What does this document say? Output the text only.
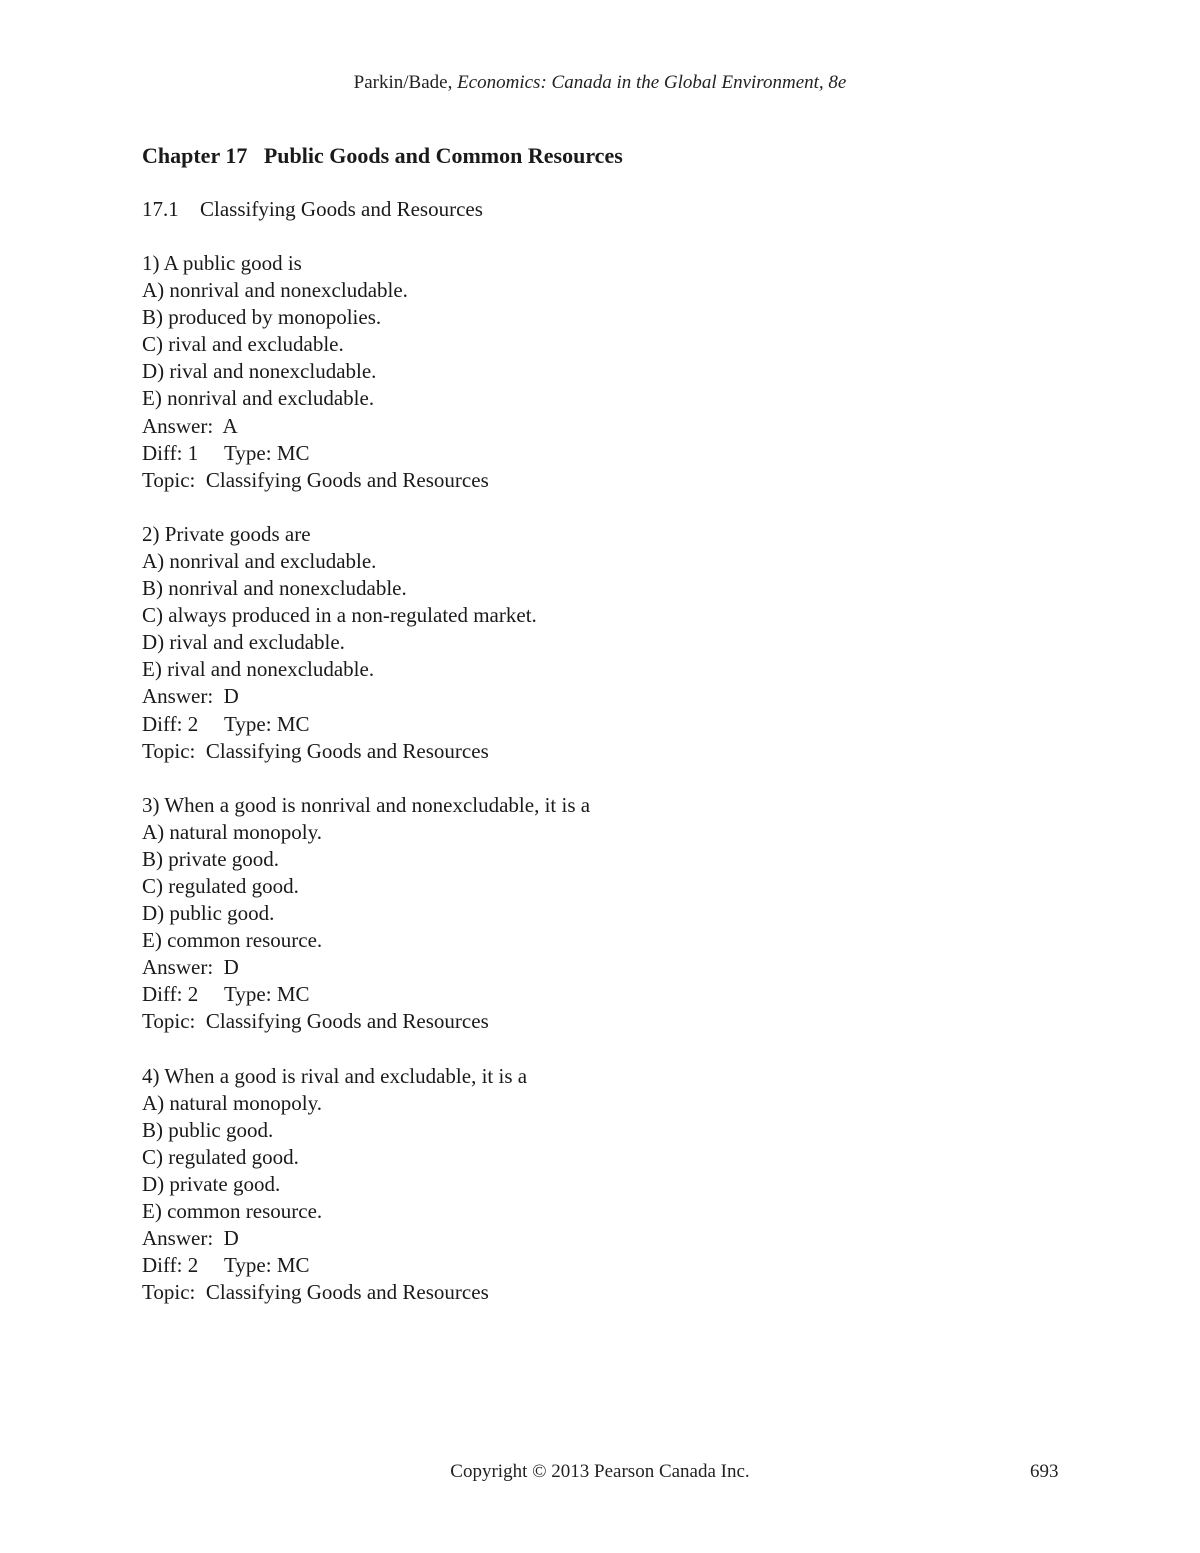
Parkin/Bade, Economics: Canada in the Global Environment, 8e
Chapter 17   Public Goods and Common Resources
17.1 Classifying Goods and Resources
1) A public good is
A) nonrival and nonexcludable.
B) produced by monopolies.
C) rival and excludable.
D) rival and nonexcludable.
E) nonrival and excludable.
Answer:  A
Diff: 1     Type: MC
Topic:  Classifying Goods and Resources
2) Private goods are
A) nonrival and excludable.
B) nonrival and nonexcludable.
C) always produced in a non-regulated market.
D) rival and excludable.
E) rival and nonexcludable.
Answer:  D
Diff: 2     Type: MC
Topic:  Classifying Goods and Resources
3) When a good is nonrival and nonexcludable, it is a
A) natural monopoly.
B) private good.
C) regulated good.
D) public good.
E) common resource.
Answer:  D
Diff: 2     Type: MC
Topic:  Classifying Goods and Resources
4) When a good is rival and excludable, it is a
A) natural monopoly.
B) public good.
C) regulated good.
D) private good.
E) common resource.
Answer:  D
Diff: 2     Type: MC
Topic:  Classifying Goods and Resources
Copyright © 2013 Pearson Canada Inc.	693
